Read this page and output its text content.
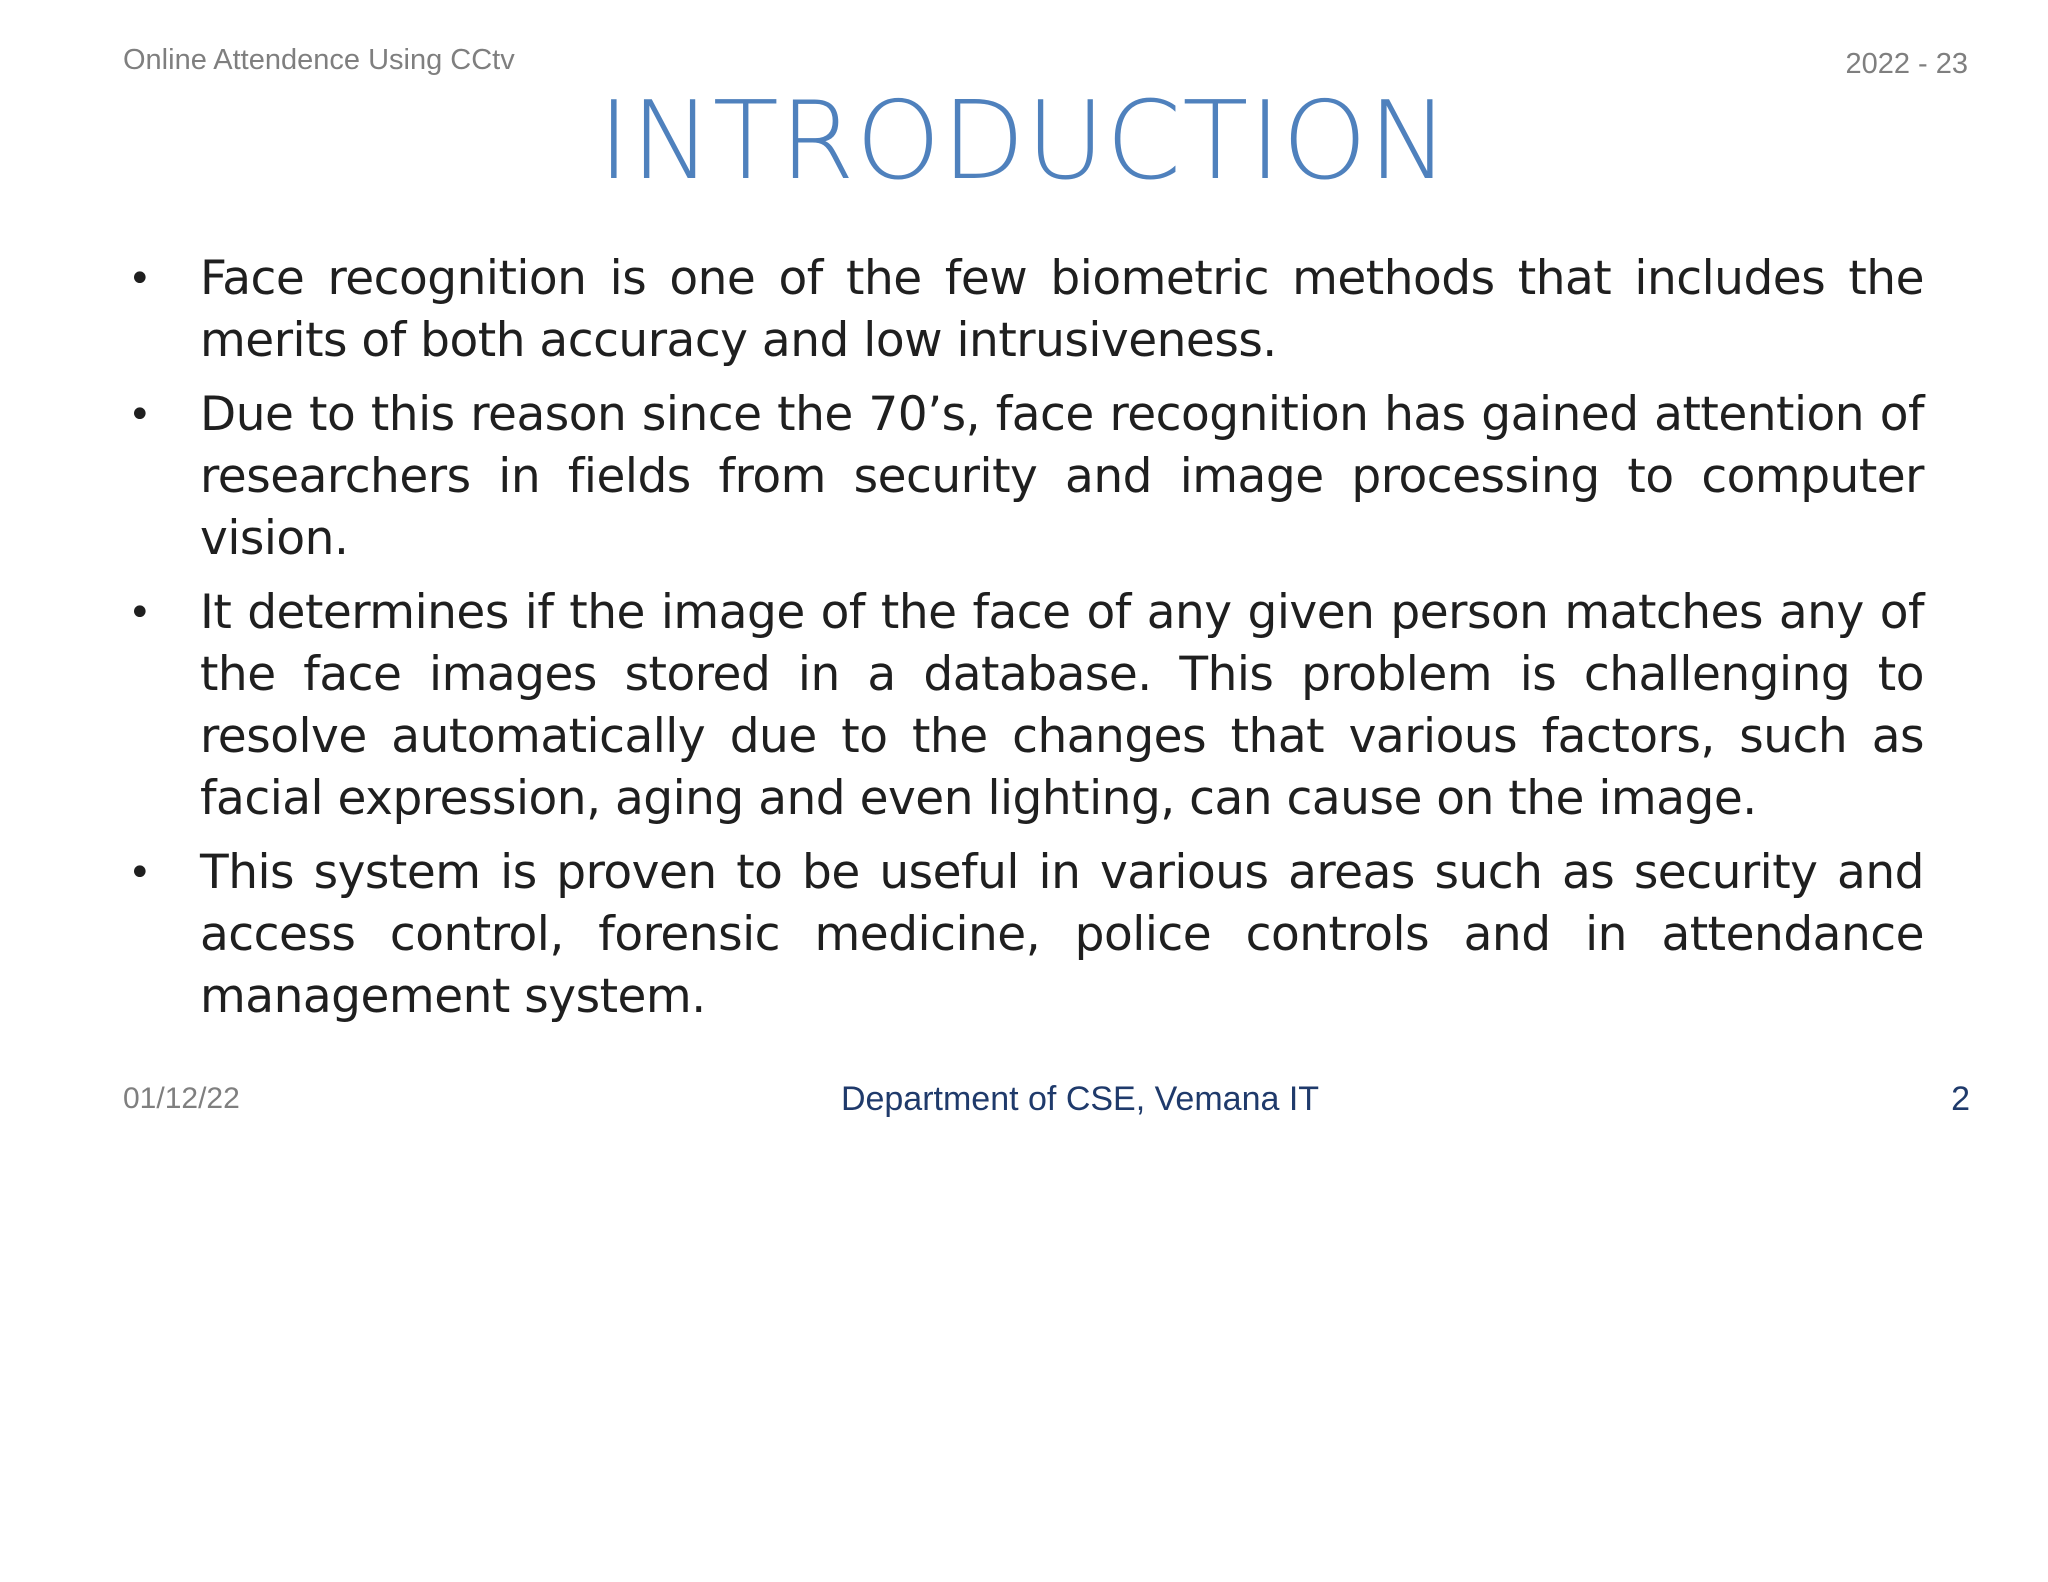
Online Attendence Using CCtv	2022 - 23
INTRODUCTION
• Face recognition is one of the few biometric methods that includes the merits of both accuracy and low intrusiveness.
• Due to this reason since the 70’s, face recognition has gained attention of researchers in fields from security and image processing to computer vision.
• It determines if the image of the face of any given person matches any of the face images stored in a database. This problem is challenging to resolve automatically due to the changes that various factors, such as facial expression, aging and even lighting, can cause on the image.
• This system is proven to be useful in various areas such as security and access control, forensic medicine, police controls and in attendance management system.
01/12/22	Department of CSE, Vemana IT	2
